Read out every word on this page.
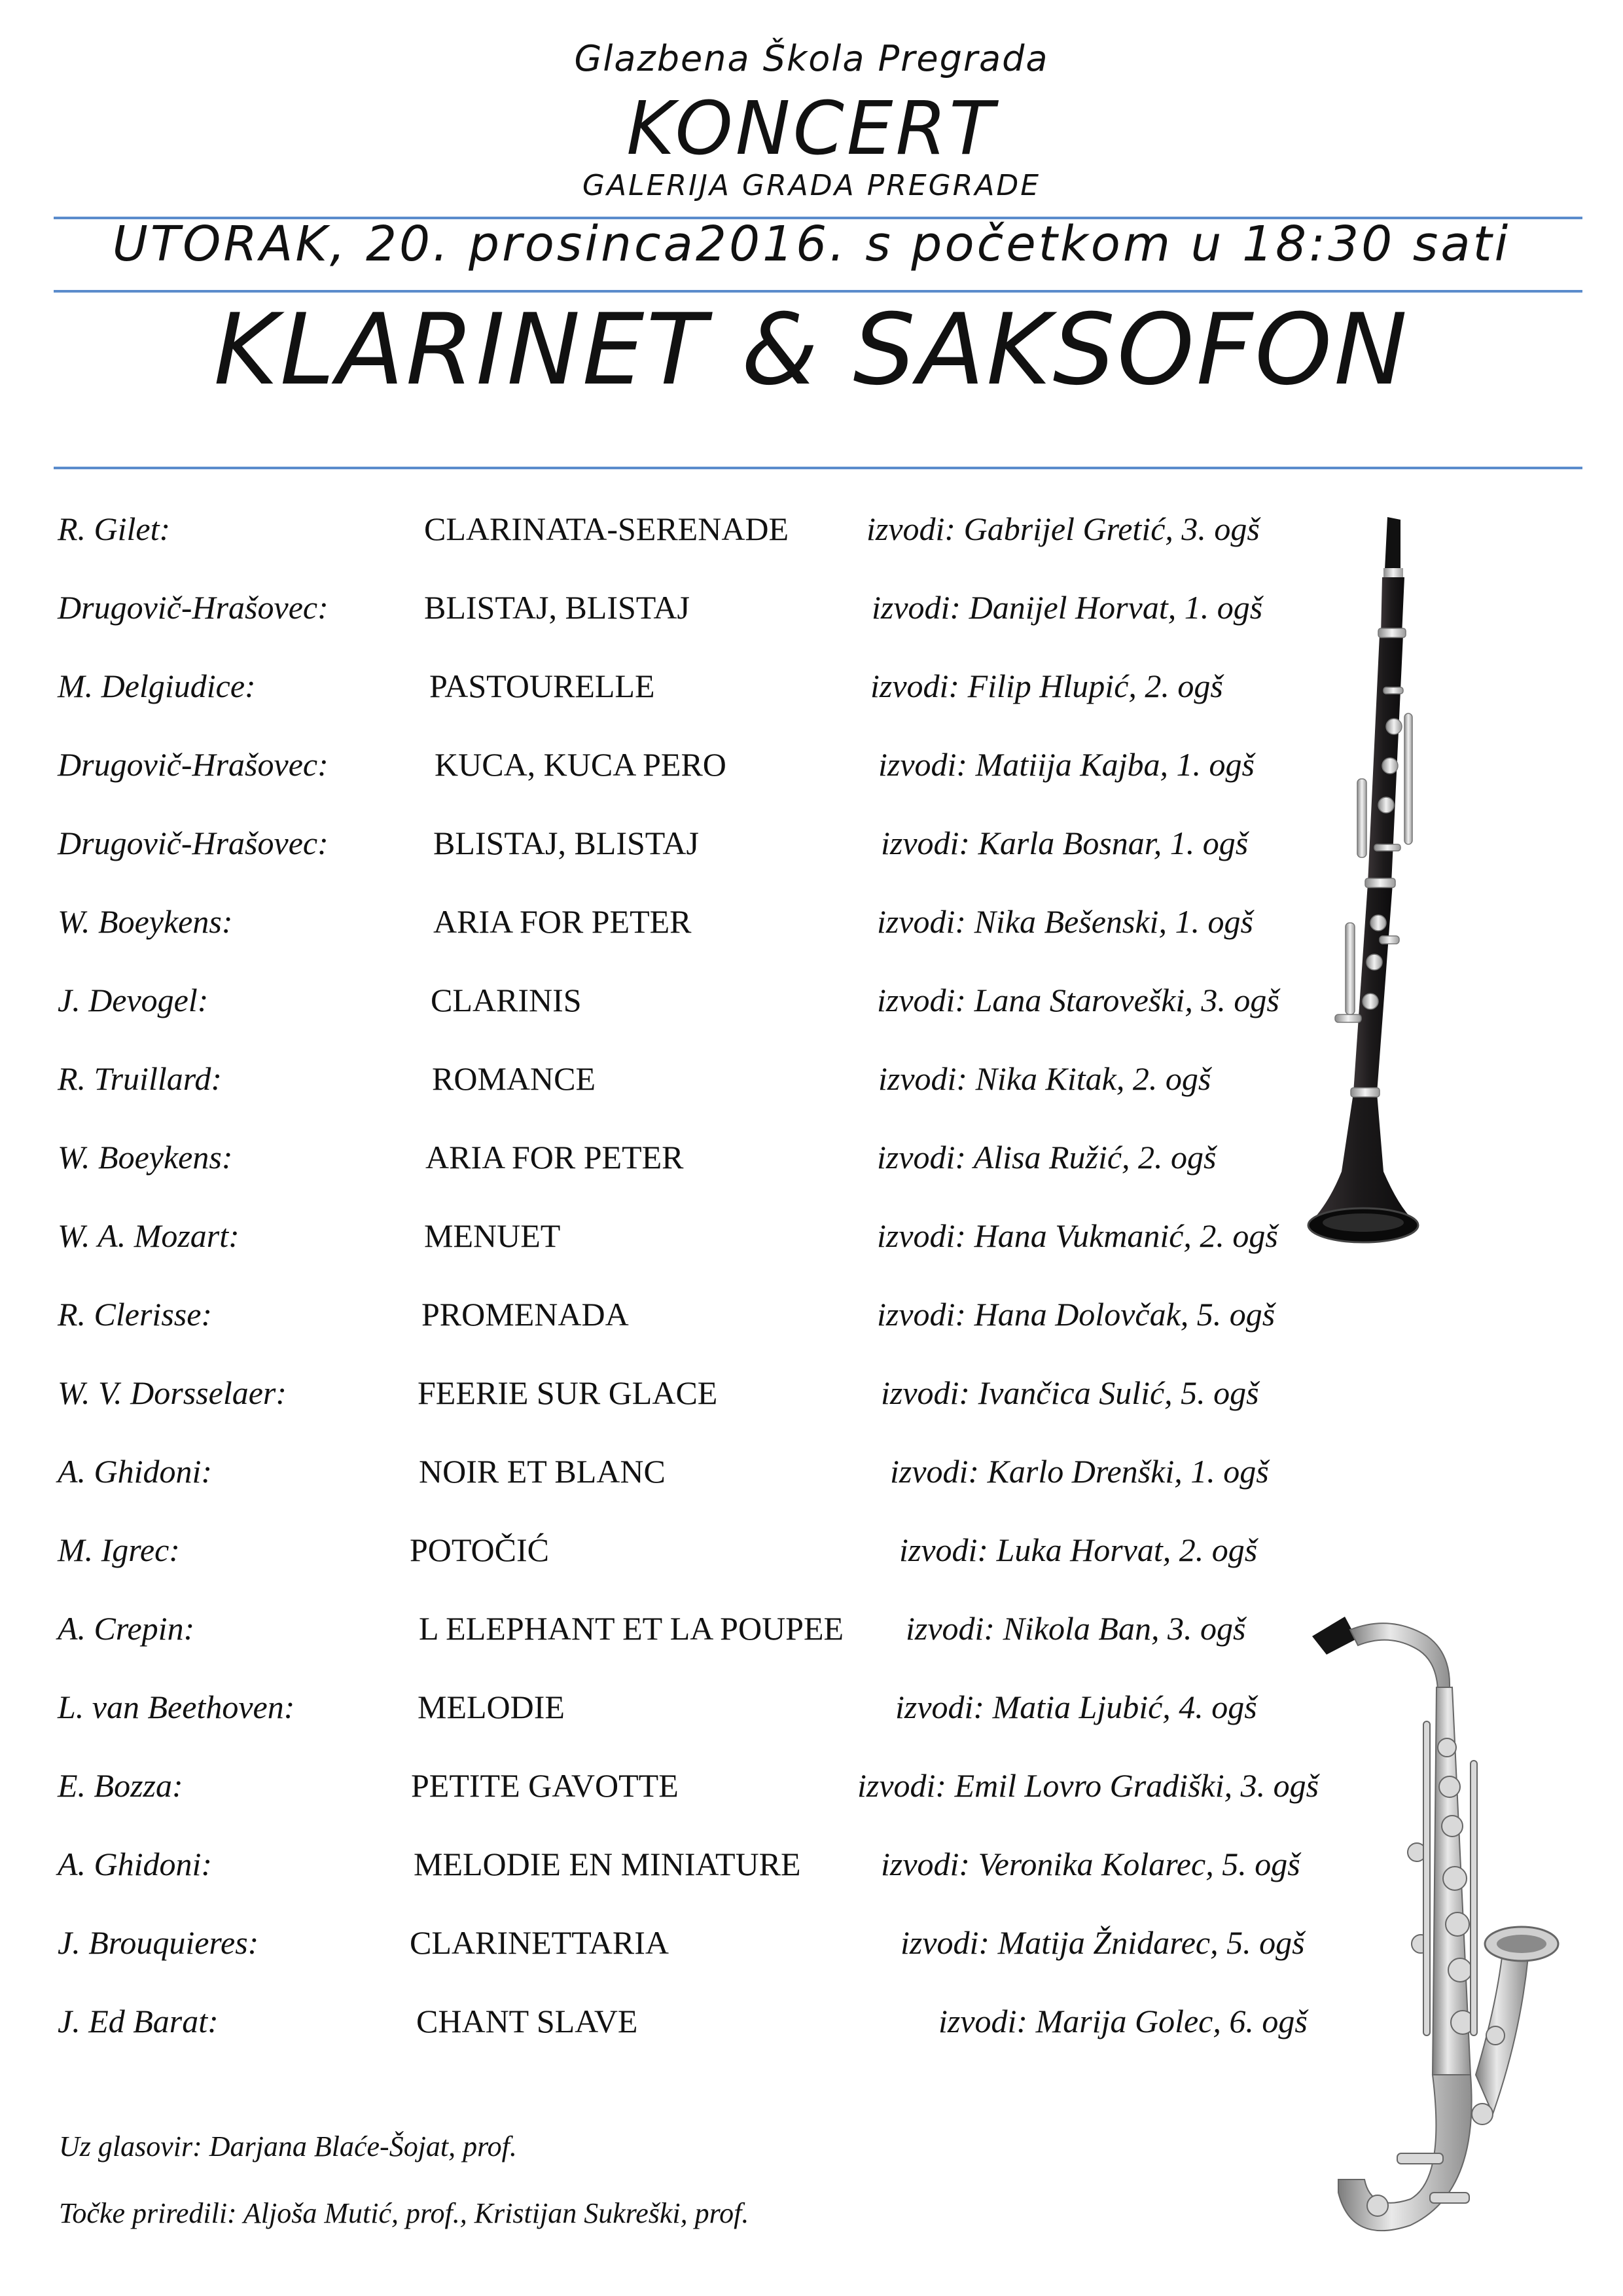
Glazbena Škola Pregrada
KONCERT
GALERIJA GRADA PREGRADE
UTORAK, 20. prosinca2016. s početkom u 18:30 sati
KLARINET & SAKSOFON
R. Gilet:	CLARINATA-SERENADE izvodi: Gabrijel Gretić, 3. ogš
Drugovič-Hrašovec:	BLISTAJ, BLISTAJ	izvodi: Danijel Horvat, 1. ogš
M. Delgiudice:	PASTOURELLE	izvodi: Filip Hlupić, 2. ogš
Drugovič-Hrašovec:	KUCA, KUCA PERO	izvodi: Matiija Kajba, 1. ogš
Drugovič-Hrašovec:	BLISTAJ, BLISTAJ	izvodi: Karla Bosnar, 1. ogš
W. Boeykens:	ARIA FOR PETER	izvodi: Nika Bešenski, 1. ogš
J. Devogel:	CLARINIS	izvodi: Lana Staroveški, 3. ogš
R. Truillard:	ROMANCE	izvodi: Nika Kitak, 2. ogš
W. Boeykens:	ARIA FOR PETER	izvodi: Alisa Ružić, 2. ogš
W. A. Mozart:	MENUET	izvodi: Hana Vukmanić, 2. ogš
R. Clerisse:	PROMENADA	izvodi: Hana Dolovčak, 5. ogš
W. V. Dorsselaer:	FEERIE SUR GLACE	izvodi: Ivančica Sulić, 5. ogš
A. Ghidoni:	NOIR ET BLANC	izvodi: Karlo Drenški, 1. ogš
M. Igrec:	POTOČIĆ	izvodi: Luka Horvat, 2. ogš
A. Crepin:	L ELEPHANT ET LA POUPEE izvodi: Nikola Ban, 3. ogš
L. van Beethoven:	MELODIE	izvodi: Matia Ljubić, 4. ogš
E. Bozza:	PETITE GAVOTTE	izvodi: Emil Lovro Gradiški, 3. ogš
A. Ghidoni:	MELODIE EN MINIATURE izvodi: Veronika Kolarec, 5. ogš
J. Brouquieres:	CLARINETTARIA	izvodi: Matija Žnidarec, 5. ogš
J. Ed Barat:	CHANT SLAVE	izvodi: Marija Golec, 6. ogš
Uz glasovir: Darjana Blaće-Šojat, prof.
Točke priredili: Aljoša Mutić, prof., Kristijan Sukreški, prof.
